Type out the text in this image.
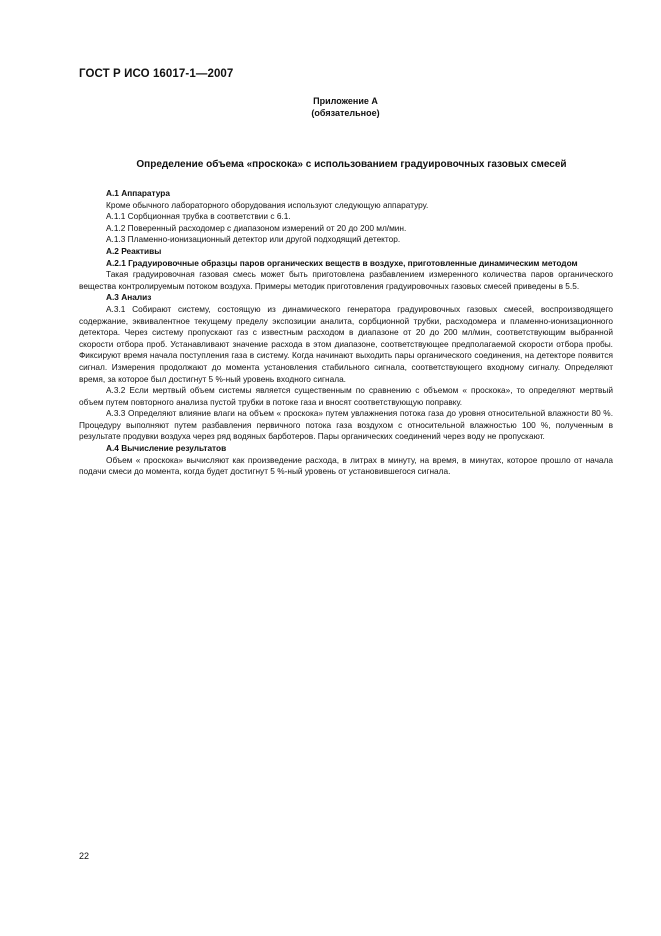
ГОСТ Р ИСО 16017-1—2007
Приложение А
(обязательное)
Определение объема «проскока» с использованием градуировочных газовых смесей

А.1 Аппаратура

Кроме обычного лабораторного оборудования используют следующую аппаратуру.

А.1.1 Сорбционная трубка в соответствии с 6.1.

А.1.2 Поверенный расходомер с диапазоном измерений от 20 до 200 мл/мин.

А.1.3 Пламенно-ионизационный детектор или другой подходящий детектор.

А.2 Реактивы

А.2.1 Градуировочные образцы паров органических веществ в воздухе, приготовленные динамическим методом

Такая градуировочная газовая смесь может быть приготовлена разбавлением измеренного количества паров органического вещества контролируемым потоком воздуха. Примеры методик приготовления градуировочных газовых смесей приведены в 5.5.

А.3 Анализ

А.3.1 Собирают систему, состоящую из динамического генератора градуировочных газовых смесей, воспроизводящего содержание, эквивалентное текущему пределу экспозиции аналита, сорбционной трубки, расходомера и пламенно-ионизационного детектора. Через систему пропускают газ с известным расходом в диапазоне от 20 до 200 мл/мин, соответствующим выбранной скорости отбора проб. Устанавливают значение расхода в этом диапазоне, соответствующее предполагаемой скорости отбора пробы. Фиксируют время начала поступления газа в систему. Когда начинают выходить пары органического соединения, на детекторе появится сигнал. Измерения продолжают до момента установления стабильного сигнала, соответствующего входному сигналу. Определяют время, за которое был достигнут 5 %-ный уровень входного сигнала.

А.3.2 Если мертвый объем системы является существенным по сравнению с объемом « проскока», то определяют мертвый объем путем повторного анализа пустой трубки в потоке газа и вносят соответствующую поправку.

А.3.3 Определяют влияние влаги на объем « проскока» путем увлажнения потока газа до уровня относительной влажности 80 %. Процедуру выполняют путем разбавления первичного потока газа воздухом с относительной влажностью 100 %, полученным в результате продувки воздуха через ряд водяных барботеров. Пары органических соединений через воду не пропускают.

А.4 Вычисление результатов

Объем « проскока» вычисляют как произведение расхода, в литрах в минуту, на время, в минутах, которое прошло от начала подачи смеси до момента, когда будет достигнут 5 %-ный уровень от установившегося сигнала.

22
